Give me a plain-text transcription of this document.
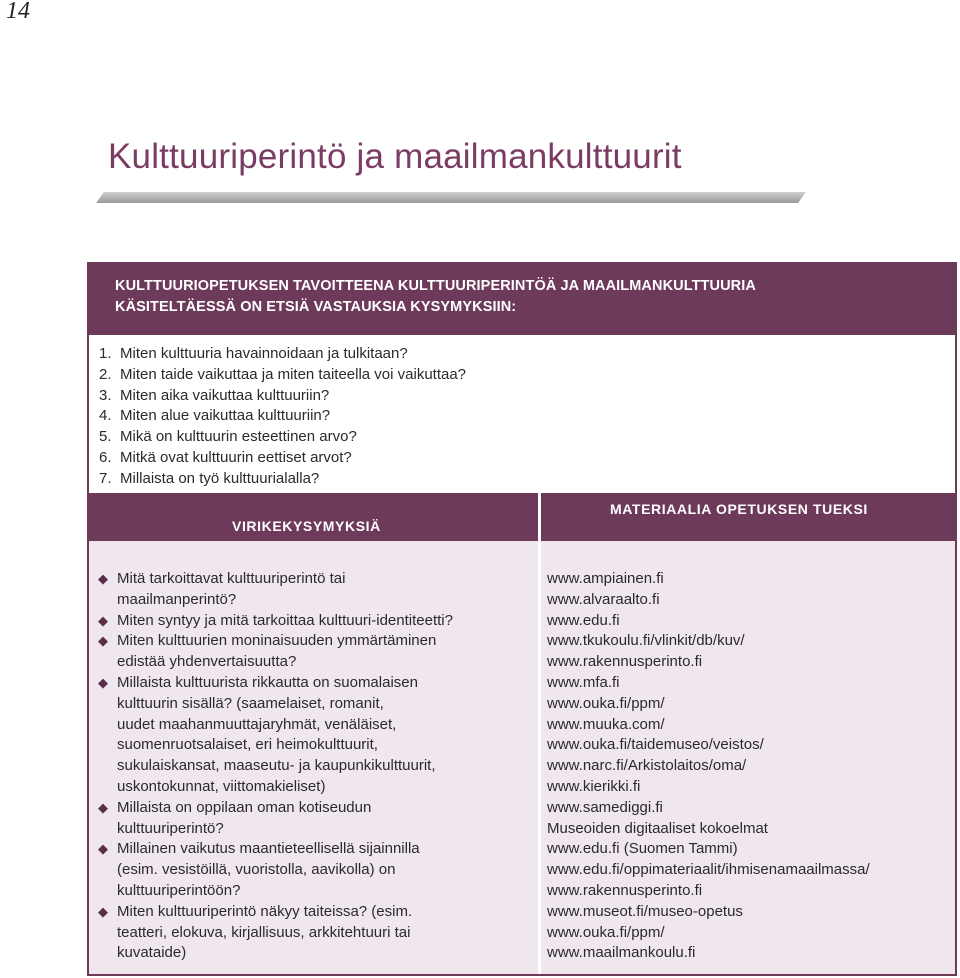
14
Kulttuuriperintö ja maailmankulttuurit
KULTTUURIOPETUKSEN TAVOITTEENA KULTTUURIPERINTÖÄ JA MAAILMANKULTTUURIA
KÄSITELTÄESSÄ ON ETSIÄ VASTAUKSIA KYSYMYKSIIN:
1. Miten kulttuuria havainnoidaan ja tulkitaan?
2. Miten taide vaikuttaa ja miten taiteella voi vaikuttaa?
3. Miten aika vaikuttaa kulttuuriin?
4. Miten alue vaikuttaa kulttuuriin?
5. Mikä on kulttuurin esteettinen arvo?
6. Mitkä ovat kulttuurin eettiset arvot?
7. Millaista on työ kulttuurialalla?
VIRIKEKYSYMYKSIÄ
MATERIAALIA OPETUKSEN TUEKSI
◆ Mitä tarkoittavat kulttuuriperintö tai
maailmanperintö?
◆ Miten syntyy ja mitä tarkoittaa kulttuuri-identiteetti?
◆ Miten kulttuurien moninaisuuden ymmärtäminen
edistää yhdenvertaisuutta?
◆ Millaista kulttuurista rikkautta on suomalaisen
kulttuurin sisällä? (saamelaiset, romanit,
uudet maahanmuuttajaryhmät, venäläiset,
suomenruotsalaiset, eri heimokulttuurit,
sukulaiskansat, maaseutu- ja kaupunkikulttuurit,
uskontokunnat, viittomakieliset)
◆ Millaista on oppilaan oman kotiseudun
kulttuuriperintö?
◆ Millainen vaikutus maantieteellisellä sijainnilla
(esim. vesistöillä, vuoristolla, aavikolla) on
kulttuuriperintöön?
◆ Miten kulttuuriperintö näkyy taiteissa? (esim.
teatteri, elokuva, kirjallisuus, arkkitehtuuri tai
kuvataide)
www.ampiainen.fi
www.alvaraalto.fi
www.edu.fi
www.tkukoulu.fi/vlinkit/db/kuv/
www.rakennusperinto.fi
www.mfa.fi
www.ouka.fi/ppm/
www.muuka.com/
www.ouka.fi/taidemuseo/veistos/
www.narc.fi/Arkistolaitos/oma/
www.kierikki.fi
www.samediggi.fi
Museoiden digitaaliset kokoelmat
www.edu.fi (Suomen Tammi)
www.edu.fi/oppimateriaalit/ihmisenamaailmassa/
www.rakennusperinto.fi
www.museot.fi/museo-opetus
www.ouka.fi/ppm/
www.maailmankoulu.fi
